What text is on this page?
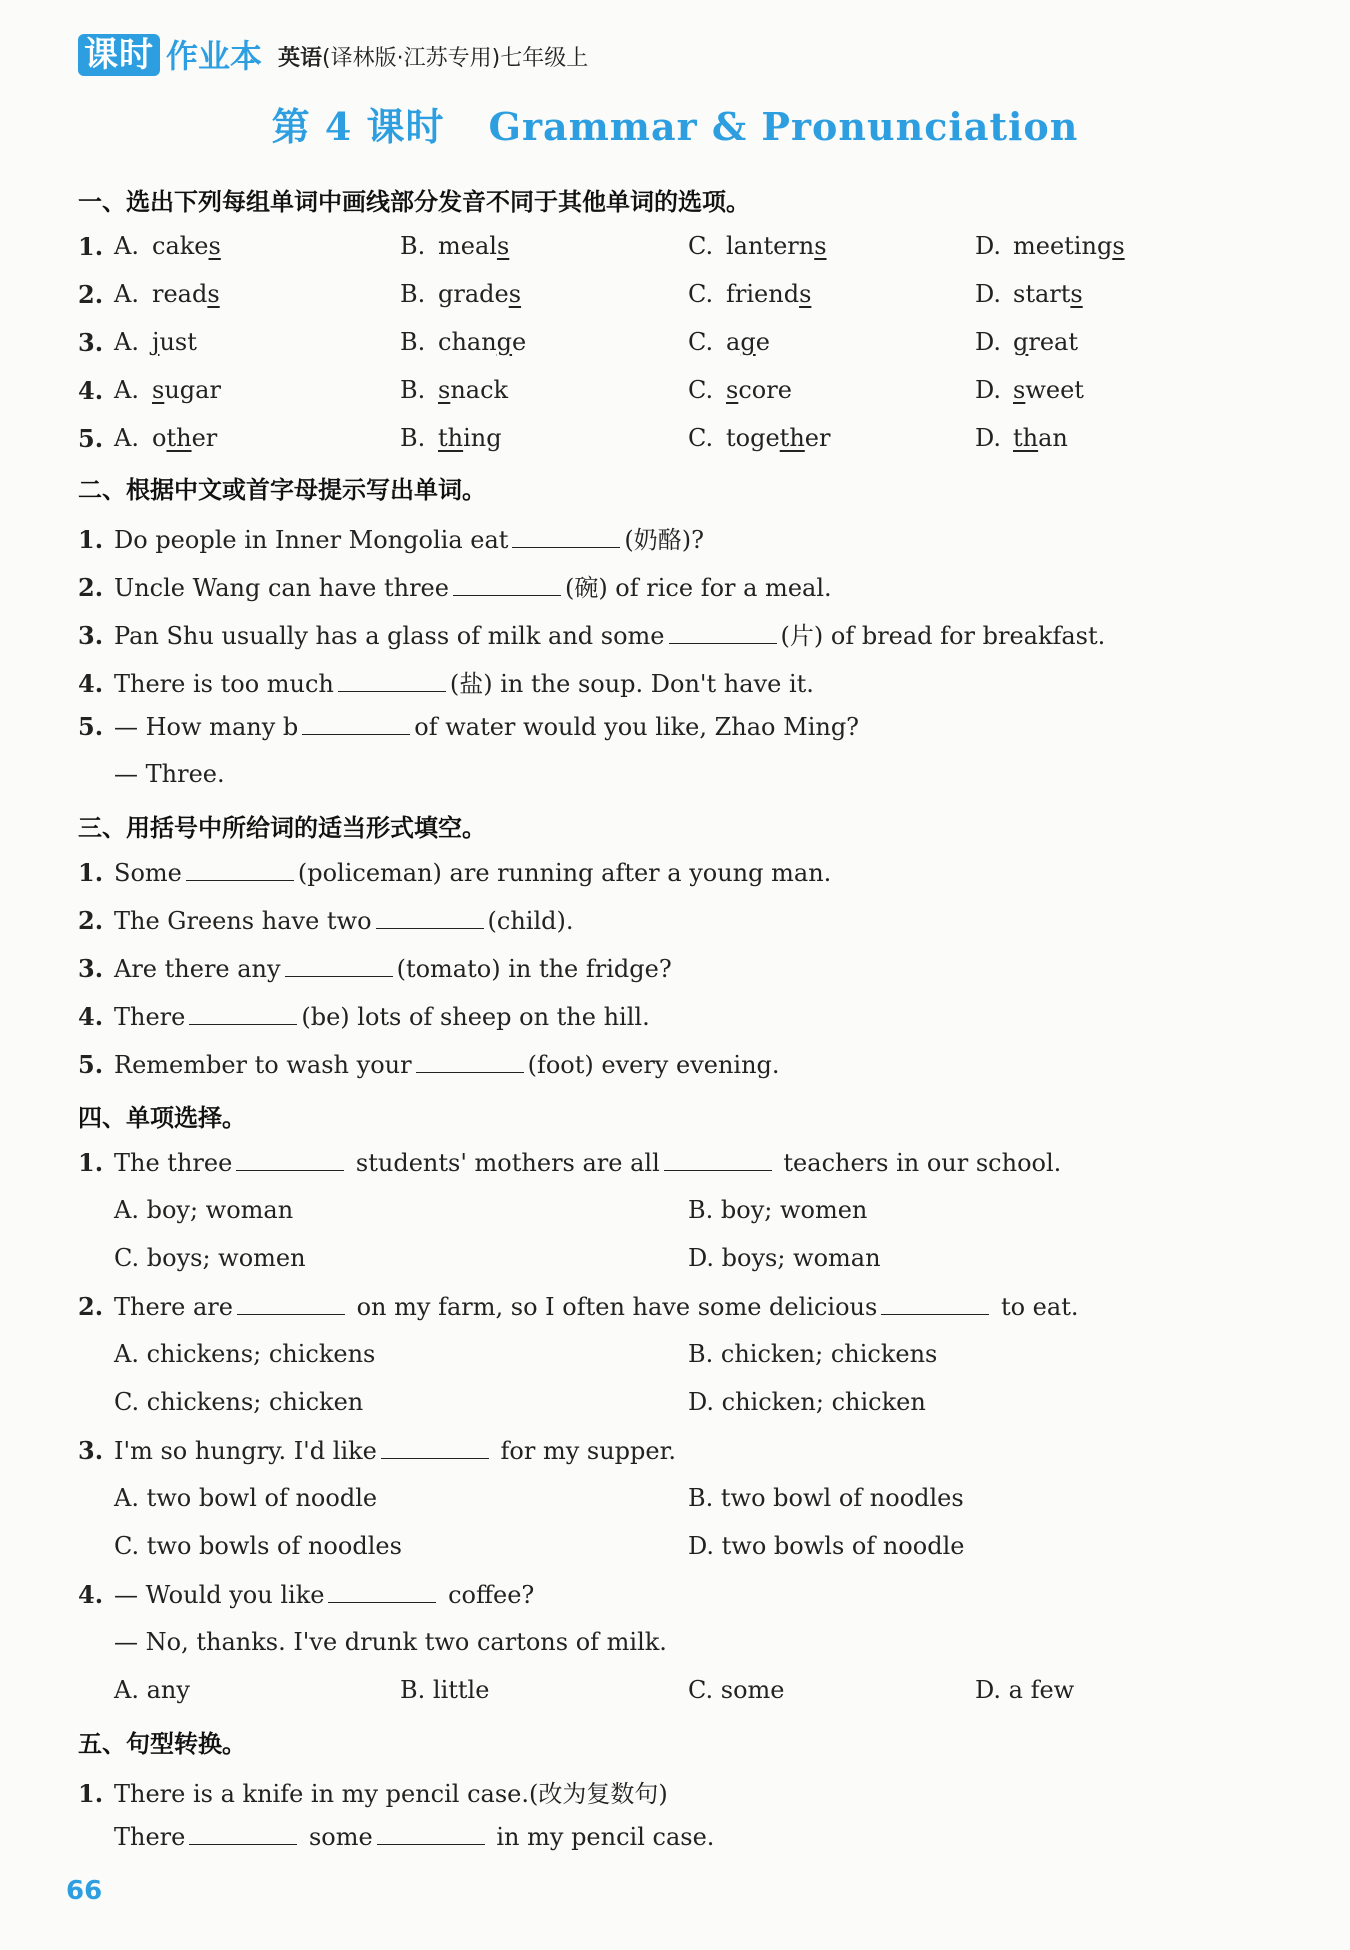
课时 作业本 英语(译林版·江苏专用)七年级上
第 4 课时 Grammar & Pronunciation
一、选出下列每组单词中画线部分发音不同于其他单词的选项。
1. A. cakes	B. meals	C. lanterns	D. meetings
2. A. reads	B. grades	C. friends	D. starts
3. A. just	B. change	C. age	D. great
4. A. sugar	B. snack	C. score	D. sweet
5. A. other	B. thing	C. together	D. than
二、根据中文或首字母提示写出单词。
1. Do people in Inner Mongolia eat	(奶酪)?
2. Uncle Wang can have three	(碗) of rice for a meal.
3. Pan Shu usually has a glass of milk and some	(片) of bread for breakfast.
4. There is too much	(盐) in the soup. Don't have it.
5. — How many b	of water would you like, Zhao Ming?
— Three.
三、用括号中所给词的适当形式填空。
1. Some	(policeman) are running after a young man.
2. The Greens have two	(child).
3. Are there any	(tomato) in the fridge?
4. There	(be) lots of sheep on the hill.
5. Remember to wash your	(foot) every evening.
四、单项选择。
1. The three	students' mothers are all	teachers in our school.
A. boy; woman	B. boy; women
C. boys; women	D. boys; woman
2. There are	on my farm, so I often have some delicious	to eat.
A. chickens; chickens	B. chicken; chickens
C. chickens; chicken	D. chicken; chicken
3. I'm so hungry. I'd like	for my supper.
A. two bowl of noodle	B. two bowl of noodles
C. two bowls of noodles	D. two bowls of noodle
4. — Would you like	coffee?
— No, thanks. I've drunk two cartons of milk.
A. any	B. little	C. some	D. a few
五、句型转换。
1. There is a knife in my pencil case.(改为复数句)
There	some	in my pencil case.
66
